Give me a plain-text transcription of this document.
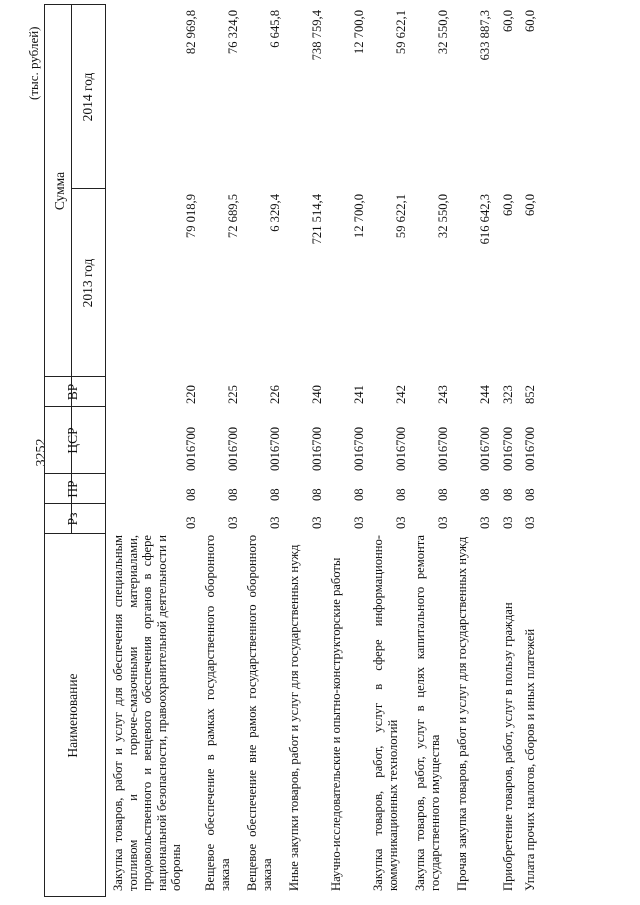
3252
(тыс. рублей)
Наименование
Рз
ПР
ЦСР
ВР
Сумма
2013 год
2014 год
Закупка товаров, работ и услуг для обеспечения специальным топливом и горюче-смазочными материалами, продовольственного и вещевого обеспечения органов в сфере национальной безопасности, правоохранительной деятельности и обороны
03
08
0016700
220
79 018,9
82 969,8
Вещевое обеспечение в рамках государственного оборонного заказа
03
08
0016700
225
72 689,5
76 324,0
Вещевое обеспечение вне рамок государственного оборонного заказа
03
08
0016700
226
6 329,4
6 645,8
Иные закупки товаров, работ и услуг для государственных нужд
03
08
0016700
240
721 514,4
738 759,4
Научно-исследовательские и опытно-конструкторские работы
03
08
0016700
241
12 700,0
12 700,0
Закупка товаров, работ, услуг в сфере информационно-коммуникационных технологий
03
08
0016700
242
59 622,1
59 622,1
Закупка товаров, работ, услуг в целях капитального ремонта государственного имущества
03
08
0016700
243
32 550,0
32 550,0
Прочая закупка товаров, работ и услуг для государственных нужд
03
08
0016700
244
616 642,3
633 887,3
Приобретение товаров, работ, услуг в пользу граждан
03
08
0016700
323
60,0
60,0
Уплата прочих налогов, сборов и иных платежей
03
08
0016700
852
60,0
60,0
